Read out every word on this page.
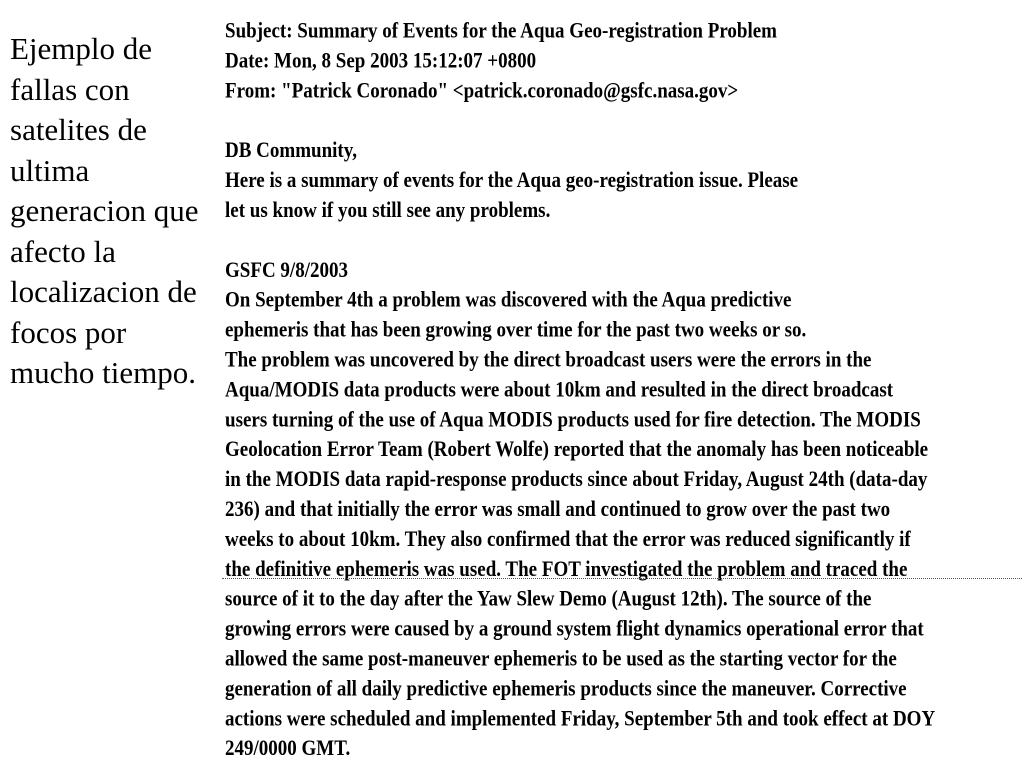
Ejemplo de
fallas con
satelites de
ultima
generacion que
afecto la
localizacion de
focos por
mucho tiempo.
Subject: Summary of Events for the Aqua Geo-registration Problem
Date: Mon, 8 Sep 2003 15:12:07 +0800
From: "Patrick Coronado" <patrick.coronado@gsfc.nasa.gov>
DB Community,
Here is a summary of events for the Aqua geo-registration issue. Please
let us know if you still see any problems.
GSFC 9/8/2003
On September 4th a problem was discovered with the Aqua predictive
ephemeris that has been growing over time for the past two weeks or so.
The problem was uncovered by the direct broadcast users were the errors in the
Aqua/MODIS data products were about 10km and resulted in the direct broadcast
users turning of the use of Aqua MODIS products used for fire detection. The MODIS
Geolocation Error Team (Robert Wolfe) reported that the anomaly has been noticeable
in the MODIS data rapid-response products since about Friday, August 24th (data-day
236) and that initially the error was small and continued to grow over the past two
weeks to about 10km. They also confirmed that the error was reduced significantly if
the definitive ephemeris was used. The FOT investigated the problem and traced the
source of it to the day after the Yaw Slew Demo (August 12th). The source of the
growing errors were caused by a ground system flight dynamics operational error that
allowed the same post-maneuver ephemeris to be used as the starting vector for the
generation of all daily predictive ephemeris products since the maneuver. Corrective
actions were scheduled and implemented Friday, September 5th and took effect at DOY
249/0000 GMT.
